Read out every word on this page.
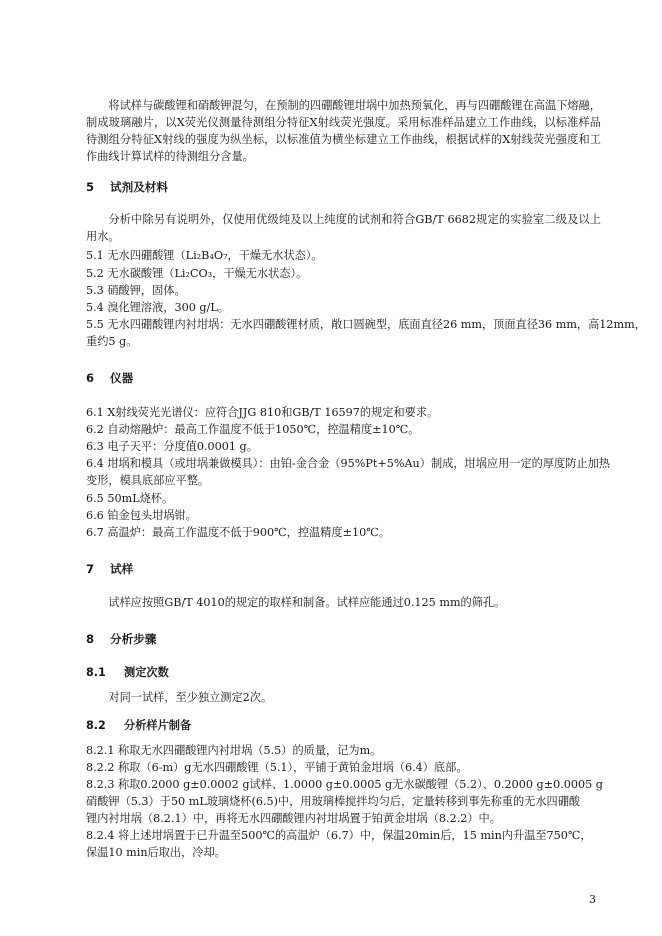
将试样与碳酸锂和硝酸钾混匀，在预制的四硼酸锂坩埚中加热预氧化，再与四硼酸锂在高温下熔融，制成玻璃融片，以X荧光仪测量待测组分特征X射线荧光强度。采用标准样品建立工作曲线，以标准样品待测组分特征X射线的强度为纵坐标，以标准值为横坐标建立工作曲线，根据试样的X射线荧光强度和工作曲线计算试样的待测组分含量。
5 试剂及材料
分析中除另有说明外，仅使用优级纯及以上纯度的试剂和符合GB/T 6682规定的实验室二级及以上用水。
5.1 无水四硼酸锂（Li₂B₄O₇，干燥无水状态）。
5.2 无水碳酸锂（Li₂CO₃，干燥无水状态）。
5.3 硝酸钾，固体。
5.4 溴化锂溶液，300 g/L。
5.5 无水四硼酸锂内衬坩埚：无水四硼酸锂材质，敞口圆碗型，底面直径26 mm，顶面直径36 mm，高12mm，
重约5 g。
6 仪器
6.1 X射线荧光光谱仪：应符合JJG 810和GB/T 16597的规定和要求。
6.2 自动熔融炉：最高工作温度不低于1050℃，控温精度±10℃。
6.3 电子天平：分度值0.0001 g。
6.4 坩埚和模具（或坩埚兼做模具）：由铂-金合金（95%Pt+5%Au）制成，坩埚应用一定的厚度防止加热
变形，模具底部应平整。
6.5 50mL烧杯。
6.6 铂金包头坩埚钳。
6.7 高温炉：最高工作温度不低于900℃，控温精度±10℃。
7 试样
试样应按照GB/T 4010的规定的取样和制备。试样应能通过0.125 mm的筛孔。
8 分析步骤
8.1 测定次数
对同一试样，至少独立测定2次。
8.2 分析样片制备
8.2.1 称取无水四硼酸锂内衬坩埚（5.5）的质量，记为m。
8.2.2 称取（6-m）g无水四硼酸锂（5.1），平铺于黄铂金坩埚（6.4）底部。
8.2.3 称取0.2000 g±0.0002 g试样、1.0000 g±0.0005 g无水碳酸锂（5.2）、0.2000 g±0.0005 g
硝酸钾（5.3）于50 mL玻璃烧杯(6.5)中，用玻璃棒搅拌均匀后，定量转移到事先称重的无水四硼酸
锂内衬坩埚（8.2.1）中，再将无水四硼酸锂内衬坩埚置于铂黄金坩埚（8.2.2）中。
8.2.4 将上述坩埚置于已升温至500℃的高温炉（6.7）中，保温20min后，15 min内升温至750℃，
保温10 min后取出，冷却。
3
